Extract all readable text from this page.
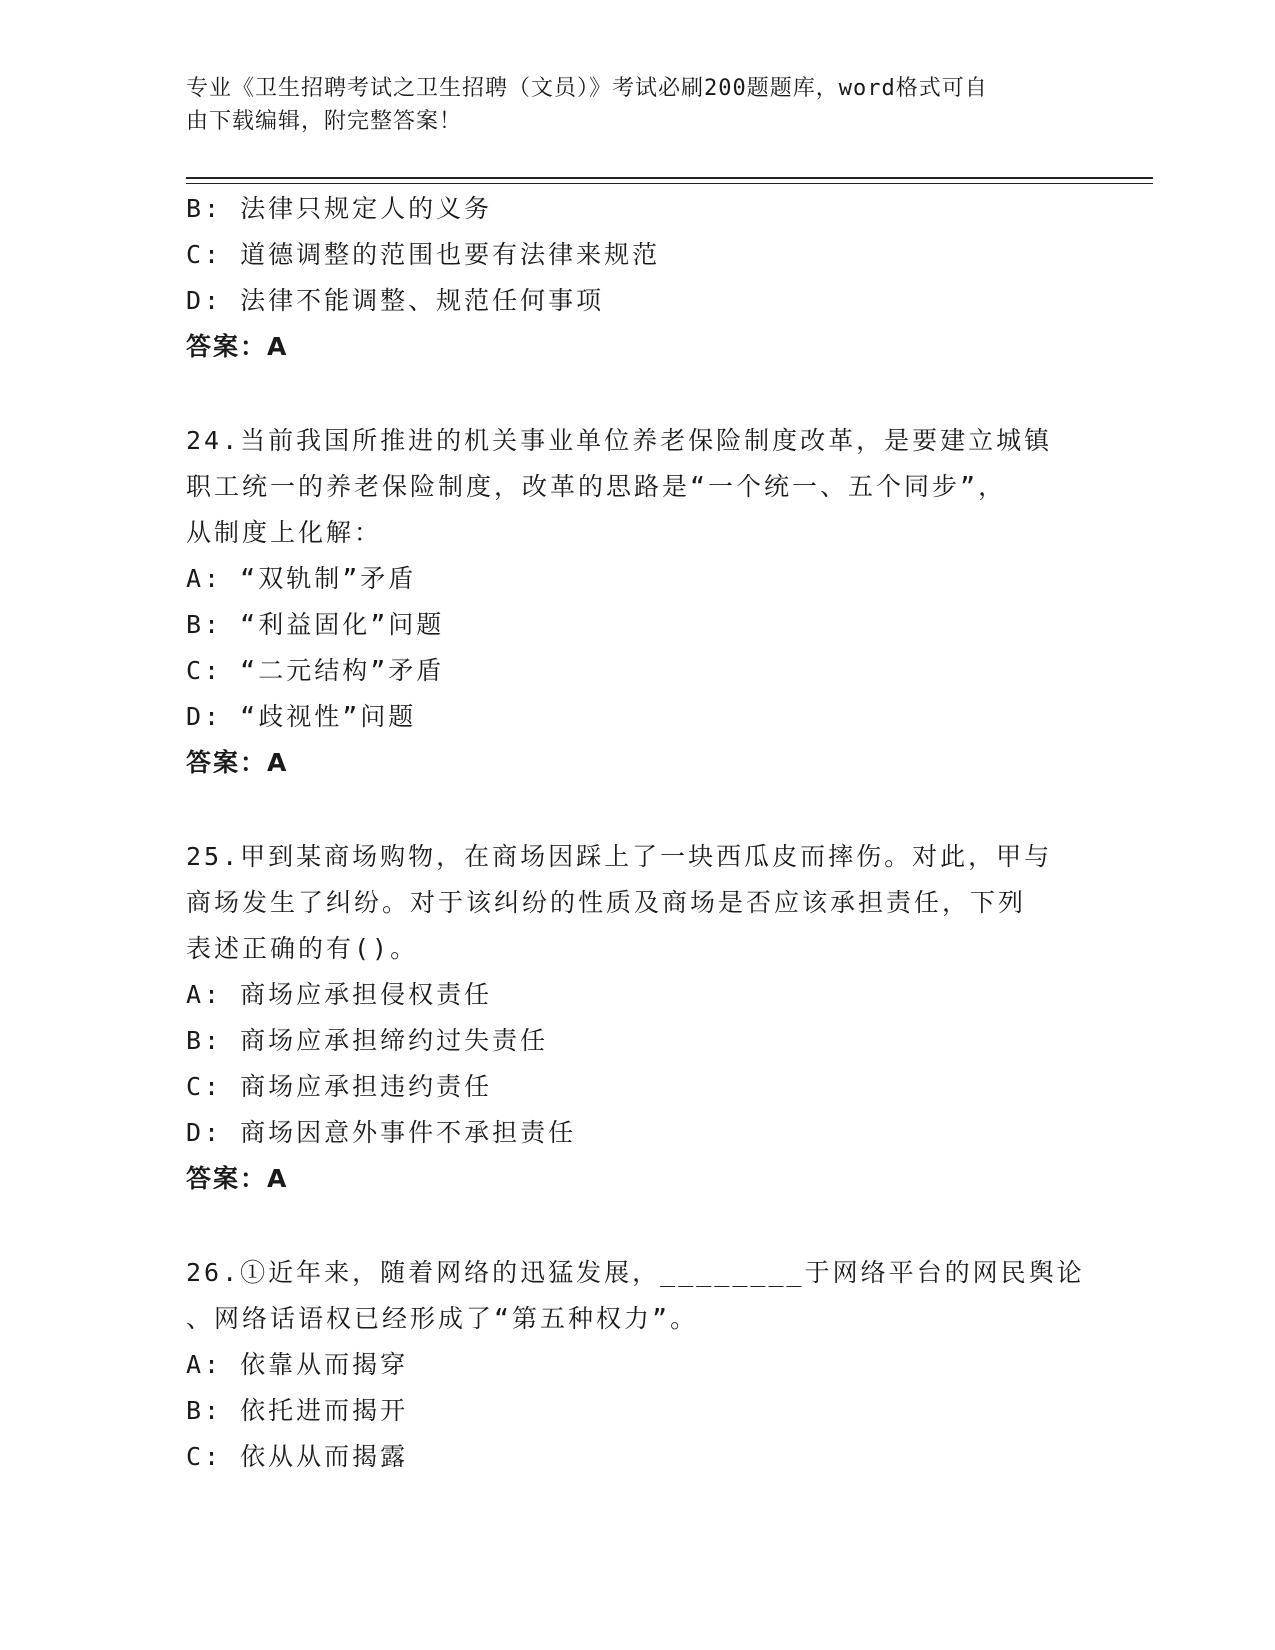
专业《卫生招聘考试之卫生招聘（文员）》考试必刷200题题库，word格式可自
由下载编辑，附完整答案！
B: 法律只规定人的义务
C: 道德调整的范围也要有法律来规范
D: 法律不能调整、规范任何事项
答案：A
24.当前我国所推进的机关事业单位养老保险制度改革，是要建立城镇
职工统一的养老保险制度，改革的思路是“一个统一、五个同步”，
从制度上化解：
A: “双轨制”矛盾
B: “利益固化”问题
C: “二元结构”矛盾
D: “歧视性”问题
答案：A
25.甲到某商场购物，在商场因踩上了一块西瓜皮而摔伤。对此，甲与
商场发生了纠纷。对于该纠纷的性质及商场是否应该承担责任，下列
表述正确的有()。
A: 商场应承担侵权责任
B: 商场应承担缔约过失责任
C: 商场应承担违约责任
D: 商场因意外事件不承担责任
答案：A
26.①近年来，随着网络的迅猛发展，________于网络平台的网民舆论
、网络话语权已经形成了“第五种权力”。
A: 依靠从而揭穿
B: 依托进而揭开
C: 依从从而揭露
